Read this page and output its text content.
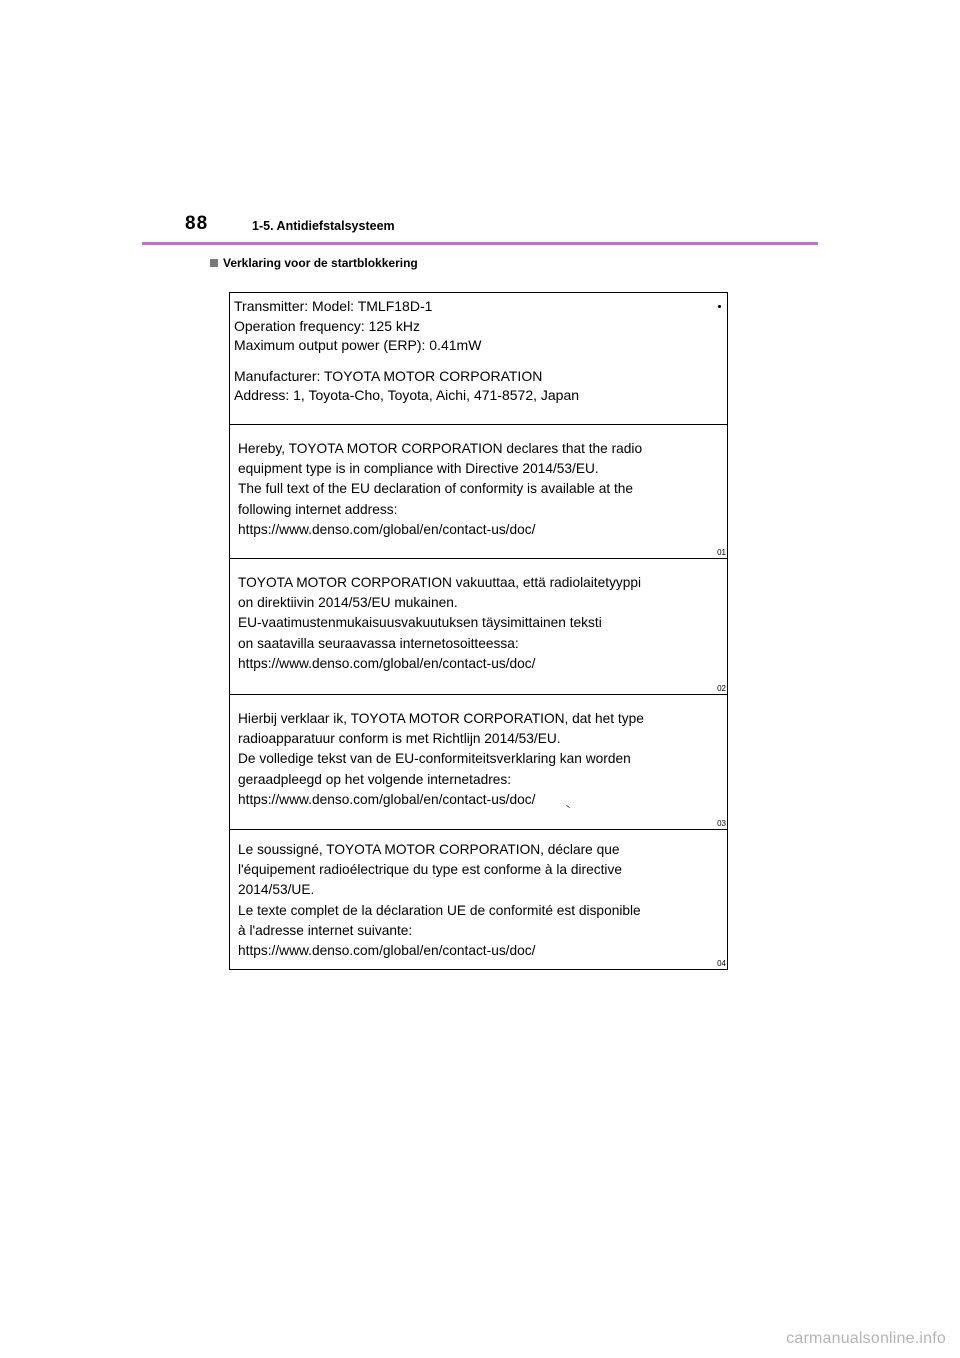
88	1-5. Antidiefstalsysteem
Verklaring voor de startblokkering
Transmitter: Model: TMLF18D-1
Operation frequency: 125 kHz
Maximum output power (ERP): 0.41mW
Manufacturer: TOYOTA MOTOR CORPORATION
Address: 1, Toyota-Cho, Toyota, Aichi, 471-8572, Japan
Hereby, TOYOTA MOTOR CORPORATION declares that the radio
equipment type is in compliance with Directive 2014/53/EU.
The full text of the EU declaration of conformity is available at the
following internet address:
https://www.denso.com/global/en/contact-us/doc/
01
TOYOTA MOTOR CORPORATION vakuuttaa, että radiolaitetyyppi
on direktiivin 2014/53/EU mukainen.
EU-vaatimustenmukaisuusvakuutuksen täysimittainen teksti
on saatavilla seuraavassa internetosoitteessa:
https://www.denso.com/global/en/contact-us/doc/
02
Hierbij verklaar ik, TOYOTA MOTOR CORPORATION, dat het type
radioapparatuur conform is met Richtlijn 2014/53/EU.
De volledige tekst van de EU-conformiteitsverklaring kan worden
geraadpleegd op het volgende internetadres:
https://www.denso.com/global/en/contact-us/doc/
03
Le soussigné, TOYOTA MOTOR CORPORATION, déclare que
l'équipement radioélectrique du type est conforme à la directive
2014/53/UE.
Le texte complet de la déclaration UE de conformité est disponible
à l'adresse internet suivante:
https://www.denso.com/global/en/contact-us/doc/
04
carmanualsonline.info
